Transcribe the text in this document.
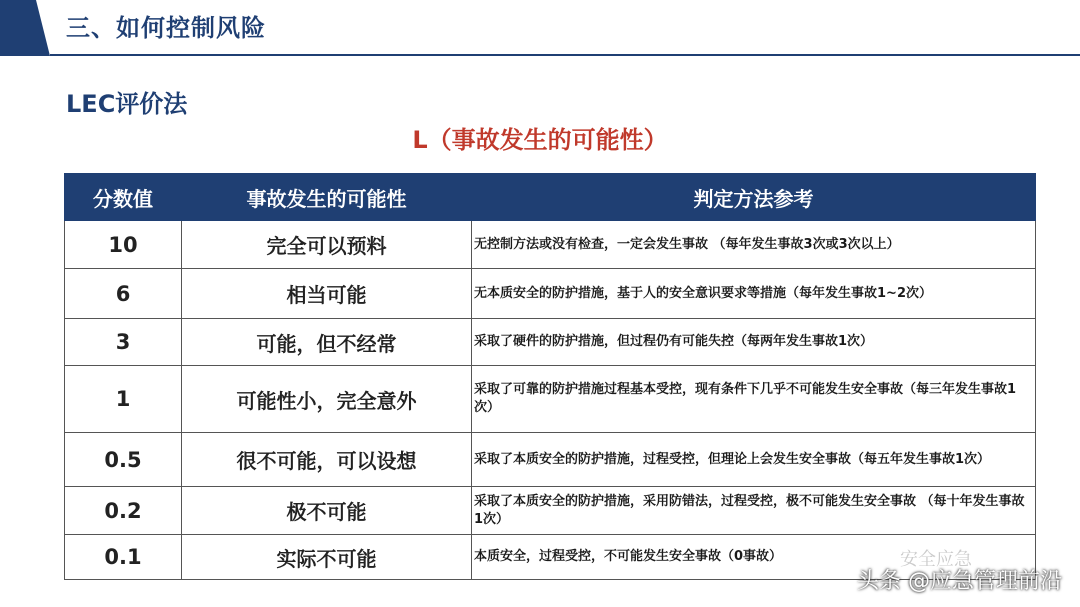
三、如何控制风险
LEC评价法
L（事故发生的可能性）
分数值	事故发生的可能性	判定方法参考
10	完全可以预料	无控制方法或没有检查，一定会发生事故 （每年发生事故3次或3次以上）
6	相当可能	无本质安全的防护措施，基于人的安全意识要求等措施（每年发生事故1~2次）
3	可能，但不经常	采取了硬件的防护措施，但过程仍有可能失控（每两年发生事故1次）
1	可能性小，完全意外	采取了可靠的防护措施过程基本受控，现有条件下几乎不可能发生安全事故（每三年发生事故1次）
0.5	很不可能，可以设想	采取了本质安全的防护措施，过程受控，但理论上会发生安全事故（每五年发生事故1次）
0.2	极不可能	采取了本质安全的防护措施，采用防错法，过程受控，极不可能发生安全事故 （每十年发生事故1次）
0.1	实际不可能	本质安全，过程受控，不可能发生安全事故（0事故）	安全应急
头条 @应急管理前沿
